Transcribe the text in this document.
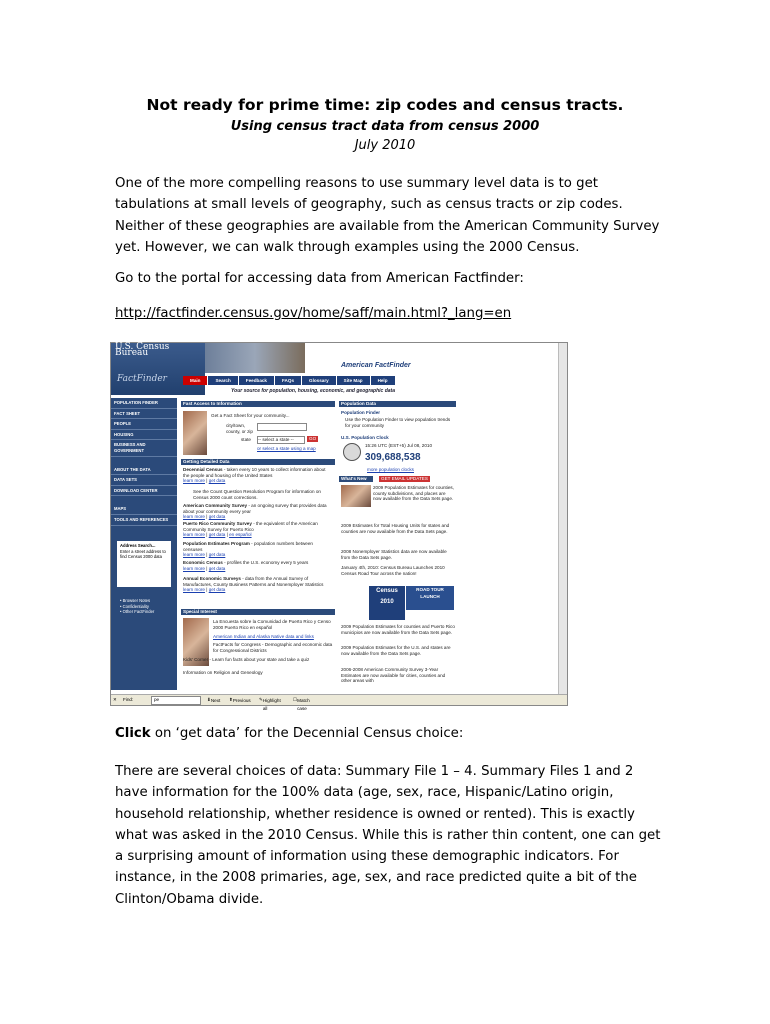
Not ready for prime time: zip codes and census tracts.
Using census tract data from census 2000
July 2010
One of the more compelling reasons to use summary level data is to get tabulations at small levels of geography, such as census tracts or zip codes. Neither of these geographies are available from the American Community Survey yet. However, we can walk through examples using the 2000 Census.
Go to the portal for accessing data from American Factfinder:
http://factfinder.census.gov/home/saff/main.html?_lang=en
U.S. Census Bureau
FactFinder
American FactFinder
Main	Search	Feedback	FAQs	Glossary	Site Map	Help
Your source for population, housing, economic, and geographic data
POPULATION FINDER
FACT SHEET
PEOPLE
HOUSING
BUSINESS AND GOVERNMENT
ABOUT THE DATA
DATA SETS
DOWNLOAD CENTER
MAPS
TOOLS AND REFERENCES
Address Search...
Enter a street address to find Census 2000 data
• Browser Notes
• Confidentiality
• Other FactFinder
Fast Access to Information
Get a Fact Sheet for your community...
city/town, county, or zip
state -- select a state --	GO
or select a state using a map
Getting Detailed Data
Decennial Census - taken every 10 years to collect information about the people and housing of the United States
learn more | get data
See the Count Question Resolution Program for information on Census 2000 count corrections.
American Community Survey - an ongoing survey that provides data about your community every year
learn more | get data
Puerto Rico Community Survey - the equivalent of the American Community Survey for Puerto Rico
learn more | get data | en español
Population Estimates Program - population numbers between censuses
learn more | get data
Economic Census - profiles the U.S. economy every 5 years
learn more | get data
Annual Economic Surveys - data from the Annual Survey of Manufactures, County Business Patterns and Nonemployer Statistics
learn more | get data
Special Interest
La Encuesta sobre la Comunidad de Puerto Rico y Censo 2000 Puerto Rico en español
American Indian and Alaska Native data and links
FactFacts for Congress - Demographic and economic data for Congressional Districts
Kids' Corner - Learn fun facts about your state and take a quiz
Information on Religion and Geneology
Population Data
Population Finder
Use the Population Finder to view population trends for your community
U.S. Population Clock
15:26 UTC (EST+5) Jul 08, 2010
309,688,538
more population clocks
What's New	GET EMAIL UPDATES
2009 Population Estimates for counties, county subdivisions, and places are now available from the Data Sets page.
2009 Estimates for Total Housing Units for states and counties are now available from the Data Sets page.
2008 Nonemployer Statistics data are now available from the Data Sets page.
January 4th, 2010: Census Bureau Launches 2010 Census Road Tour across the nation!
Census 2010
ROAD TOUR LAUNCH
2009 Population Estimates for counties and Puerto Rico municipios are now available from the Data Sets page.
2009 Population Estimates for the U.S. and states are now available from the Data Sets page.
2006-2008 American Community Survey 3-Year Estimates are now available for cities, counties and other areas with
✕ Find:	pe	⬇ Next ⬆ Previous ✎ Highlight all
☐ Match case
Click on ‘get data’ for the Decennial Census choice:
There are several choices of data: Summary File 1 – 4. Summary Files 1 and 2 have information for the 100% data (age, sex, race, Hispanic/Latino origin, household relationship, whether residence is owned or rented). This is exactly what was asked in the 2010 Census. While this is rather thin content, one can get a surprising amount of information using these demographic indicators. For instance, in the 2008 primaries, age, sex, and race predicted quite a bit of the Clinton/Obama divide.
